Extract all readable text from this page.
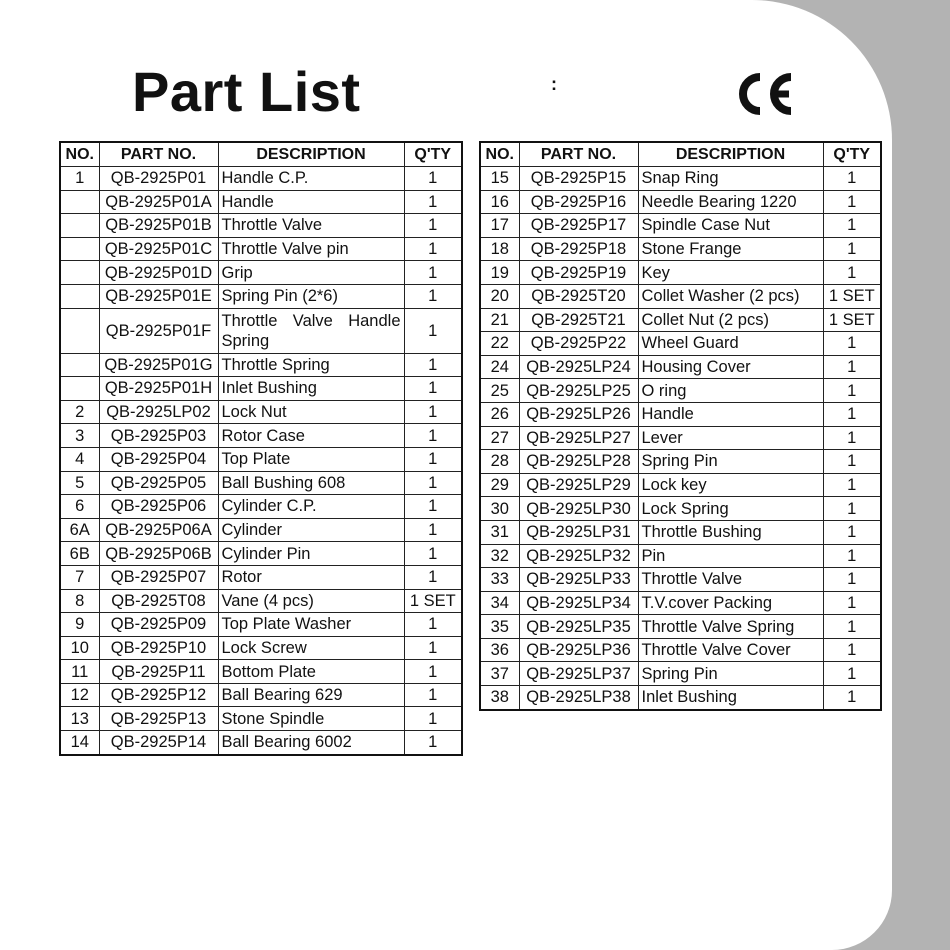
Part List	:
NO.	PART NO.	DESCRIPTION	Q'TY
1	QB-2925P01	Handle C.P.	1
	QB-2925P01A	Handle	1
	QB-2925P01B	Throttle Valve	1
	QB-2925P01C	Throttle Valve pin	1
	QB-2925P01D	Grip	1
	QB-2925P01E	Spring Pin (2*6)	1
	QB-2925P01F	Throttle Valve Handle Spring	1
	QB-2925P01G	Throttle Spring	1
	QB-2925P01H	Inlet Bushing	1
2	QB-2925LP02	Lock Nut	1
3	QB-2925P03	Rotor Case	1
4	QB-2925P04	Top Plate	1
5	QB-2925P05	Ball Bushing 608	1
6	QB-2925P06	Cylinder C.P.	1
6A	QB-2925P06A	Cylinder	1
6B	QB-2925P06B	Cylinder Pin	1
7	QB-2925P07	Rotor	1
8	QB-2925T08	Vane (4 pcs)	1 SET
9	QB-2925P09	Top Plate Washer	1
10	QB-2925P10	Lock Screw	1
11	QB-2925P11	Bottom Plate	1
12	QB-2925P12	Ball Bearing 629	1
13	QB-2925P13	Stone Spindle	1
14	QB-2925P14	Ball Bearing 6002	1
NO.	PART NO.	DESCRIPTION	Q'TY
15	QB-2925P15	Snap Ring	1
16	QB-2925P16	Needle Bearing 1220	1
17	QB-2925P17	Spindle Case Nut	1
18	QB-2925P18	Stone Frange	1
19	QB-2925P19	Key	1
20	QB-2925T20	Collet Washer (2 pcs)	1 SET
21	QB-2925T21	Collet Nut (2 pcs)	1 SET
22	QB-2925P22	Wheel Guard	1
24	QB-2925LP24	Housing Cover	1
25	QB-2925LP25	O ring	1
26	QB-2925LP26	Handle	1
27	QB-2925LP27	Lever	1
28	QB-2925LP28	Spring Pin	1
29	QB-2925LP29	Lock key	1
30	QB-2925LP30	Lock Spring	1
31	QB-2925LP31	Throttle Bushing	1
32	QB-2925LP32	Pin	1
33	QB-2925LP33	Throttle Valve	1
34	QB-2925LP34	T.V.cover Packing	1
35	QB-2925LP35	Throttle Valve Spring	1
36	QB-2925LP36	Throttle Valve Cover	1
37	QB-2925LP37	Spring Pin	1
38	QB-2925LP38	Inlet Bushing	1
